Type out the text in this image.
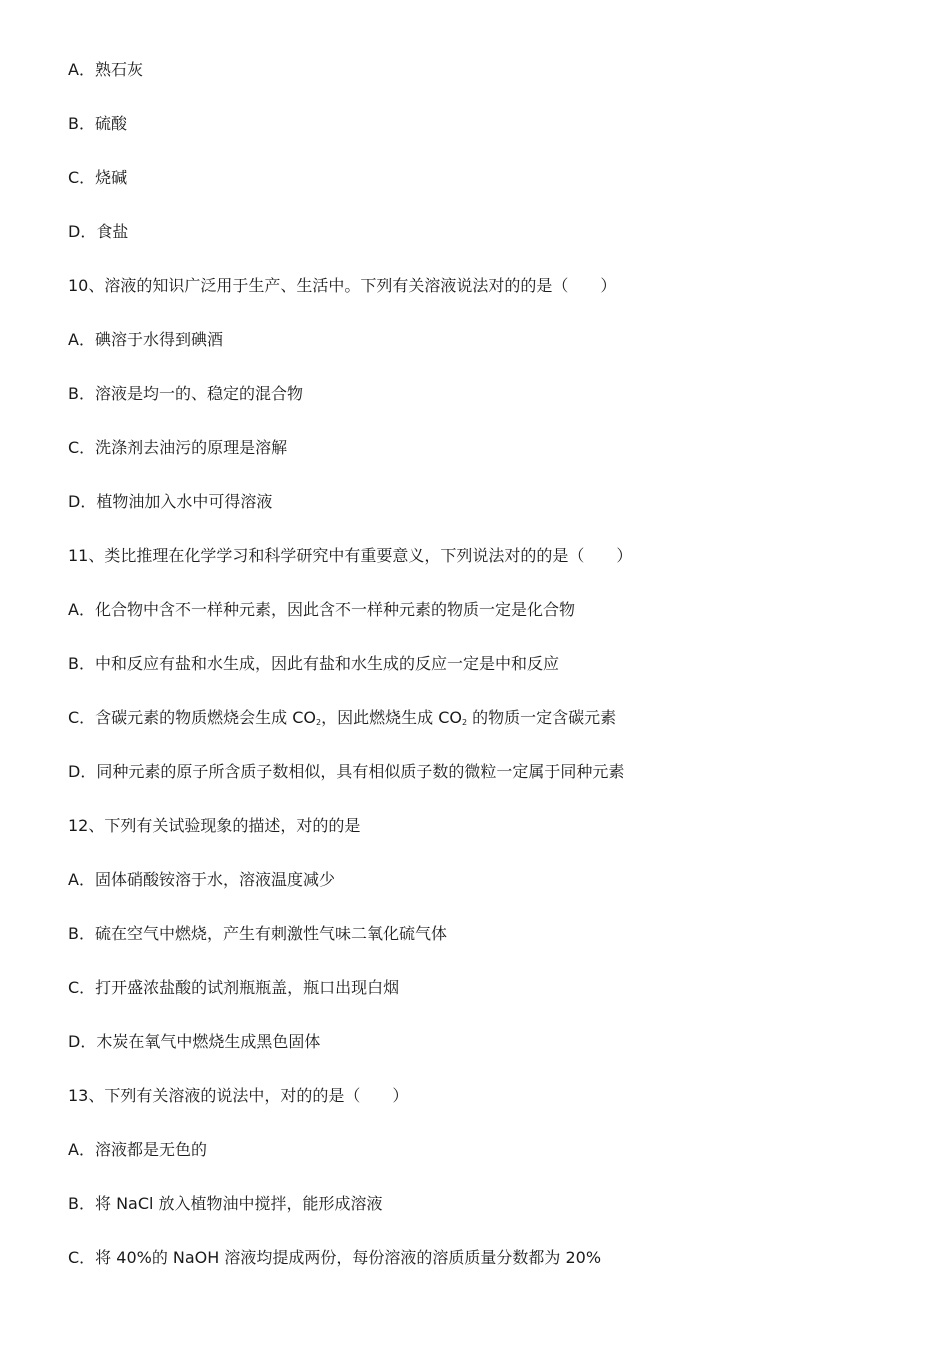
A．熟石灰

B．硫酸

C．烧碱

D．食盐

10、溶液的知识广泛用于生产、生活中。下列有关溶液说法对的的是（　　）

A．碘溶于水得到碘酒

B．溶液是均一的、稳定的混合物

C．洗涤剂去油污的原理是溶解

D．植物油加入水中可得溶液

11、类比推理在化学学习和科学研究中有重要意义，下列说法对的的是（　　）

A．化合物中含不一样种元素，因此含不一样种元素的物质一定是化合物

B．中和反应有盐和水生成，因此有盐和水生成的反应一定是中和反应

C．含碳元素的物质燃烧会生成 $CO_2$，因此燃烧生成 $CO_2$ 的物质一定含碳元素

D．同种元素的原子所含质子数相似，具有相似质子数的微粒一定属于同种元素

12、下列有关试验现象的描述，对的的是

A．固体硝酸铵溶于水，溶液温度减少

B．硫在空气中燃烧，产生有刺激性气味二氧化硫气体

C．打开盛浓盐酸的试剂瓶瓶盖，瓶口出现白烟

D．木炭在氧气中燃烧生成黑色固体

13、下列有关溶液的说法中，对的的是（　　）

A．溶液都是无色的

B．将 NaCl 放入植物油中搅拌，能形成溶液

C．将 40%的 NaOH 溶液均提成两份，每份溶液的溶质质量分数都为 20%
